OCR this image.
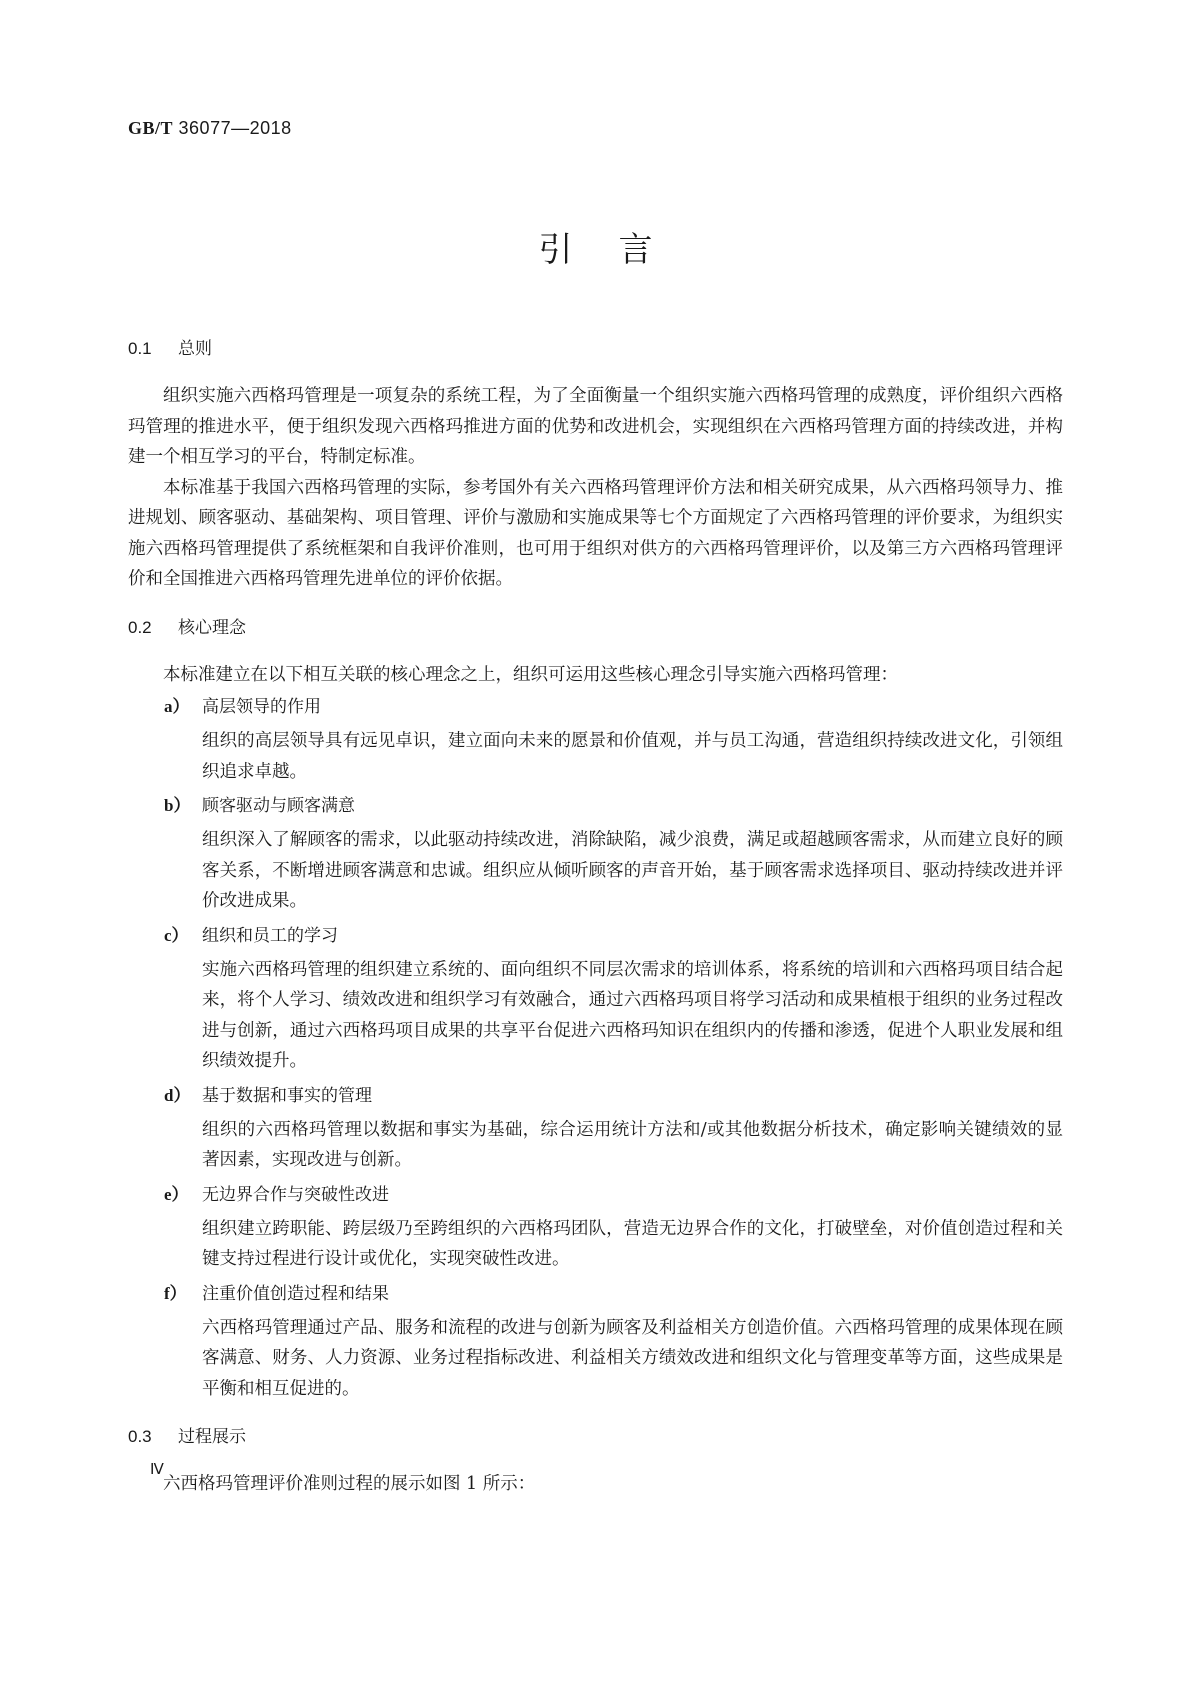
GB/T 36077—2018
引言
0.1 总则

组织实施六西格玛管理是一项复杂的系统工程，为了全面衡量一个组织实施六西格玛管理的成熟度，评价组织六西格玛管理的推进水平，便于组织发现六西格玛推进方面的优势和改进机会，实现组织在六西格玛管理方面的持续改进，并构建一个相互学习的平台，特制定标准。

本标准基于我国六西格玛管理的实际，参考国外有关六西格玛管理评价方法和相关研究成果，从六西格玛领导力、推进规划、顾客驱动、基础架构、项目管理、评价与激励和实施成果等七个方面规定了六西格玛管理的评价要求，为组织实施六西格玛管理提供了系统框架和自我评价准则，也可用于组织对供方的六西格玛管理评价，以及第三方六西格玛管理评价和全国推进六西格玛管理先进单位的评价依据。

0.2 核心理念

本标准建立在以下相互关联的核心理念之上，组织可运用这些核心理念引导实施六西格玛管理：

a） 高层领导的作用

组织的高层领导具有远见卓识，建立面向未来的愿景和价值观，并与员工沟通，营造组织持续改进文化，引领组织追求卓越。

b） 顾客驱动与顾客满意

组织深入了解顾客的需求，以此驱动持续改进，消除缺陷，减少浪费，满足或超越顾客需求，从而建立良好的顾客关系，不断增进顾客满意和忠诚。组织应从倾听顾客的声音开始，基于顾客需求选择项目、驱动持续改进并评价改进成果。

c） 组织和员工的学习

实施六西格玛管理的组织建立系统的、面向组织不同层次需求的培训体系，将系统的培训和六西格玛项目结合起来，将个人学习、绩效改进和组织学习有效融合，通过六西格玛项目将学习活动和成果植根于组织的业务过程改进与创新，通过六西格玛项目成果的共享平台促进六西格玛知识在组织内的传播和渗透，促进个人职业发展和组织绩效提升。

d） 基于数据和事实的管理

组织的六西格玛管理以数据和事实为基础，综合运用统计方法和/或其他数据分析技术，确定影响关键绩效的显著因素，实现改进与创新。

e） 无边界合作与突破性改进

组织建立跨职能、跨层级乃至跨组织的六西格玛团队，营造无边界合作的文化，打破壁垒，对价值创造过程和关键支持过程进行设计或优化，实现突破性改进。

f） 注重价值创造过程和结果

六西格玛管理通过产品、服务和流程的改进与创新为顾客及利益相关方创造价值。六西格玛管理的成果体现在顾客满意、财务、人力资源、业务过程指标改进、利益相关方绩效改进和组织文化与管理变革等方面，这些成果是平衡和相互促进的。

0.3 过程展示

六西格玛管理评价准则过程的展示如图 1 所示：

Ⅳ
